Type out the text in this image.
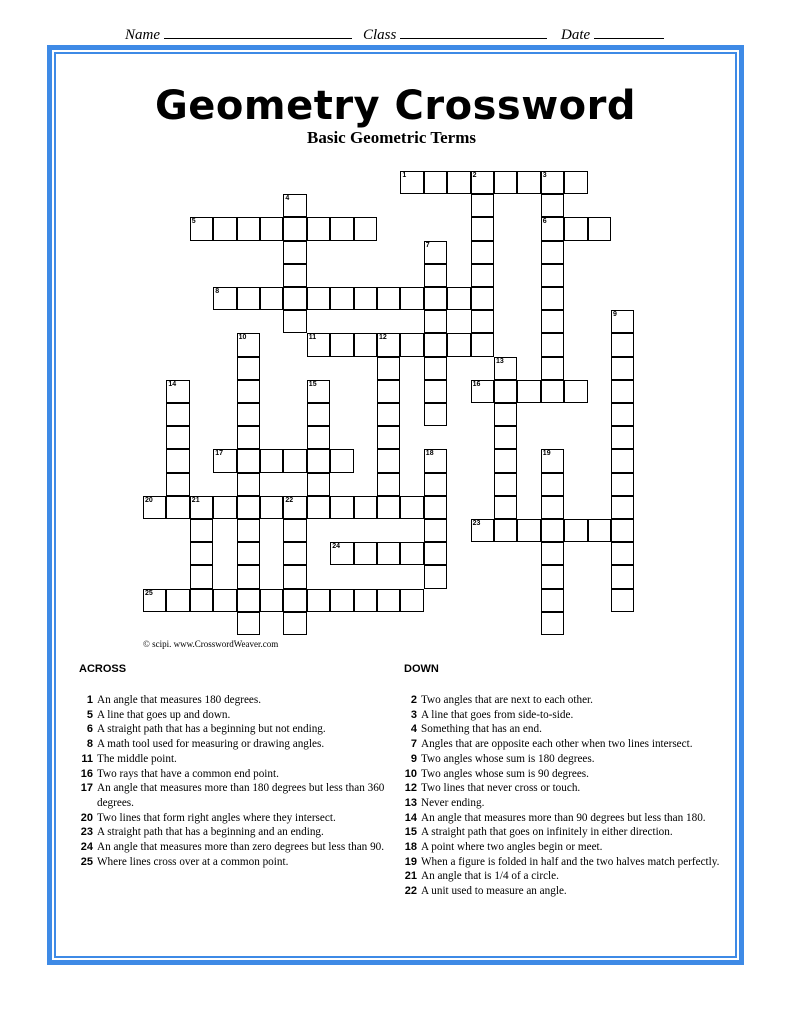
Name	Class	Date
Geometry Crossword
Basic Geometric Terms
1	2	3
4
5	6
7
8
9
10	11	12
13
14	15	16
17	18	19
20	21	22
23
24
25
© scipi. www.CrosswordWeaver.com
ACROSS	DOWN
1 An angle that measures 180 degrees.
5 A line that goes up and down.
6 A straight path that has a beginning but not ending.
8 A math tool used for measuring or drawing angles.
11 The middle point.
16 Two rays that have a common end point.
17 An angle that measures more than 180 degrees but less than 360 degrees.
20 Two lines that form right angles where they intersect.
23 A straight path that has a beginning and an ending.
24 An angle that measures more than zero degrees but less than 90.
25 Where lines cross over at a common point.
2 Two angles that are next to each other.
3 A line that goes from side-to-side.
4 Something that has an end.
7 Angles that are opposite each other when two lines intersect.
9 Two angles whose sum is 180 degrees.
10 Two angles whose sum is 90 degrees.
12 Two lines that never cross or touch.
13 Never ending.
14 An angle that measures more than 90 degrees but less than 180.
15 A straight path that goes on infinitely in either direction.
18 A point where two angles begin or meet.
19 When a figure is folded in half and the two halves match perfectly.
21 An angle that is 1/4 of a circle.
22 A unit used to measure an angle.
